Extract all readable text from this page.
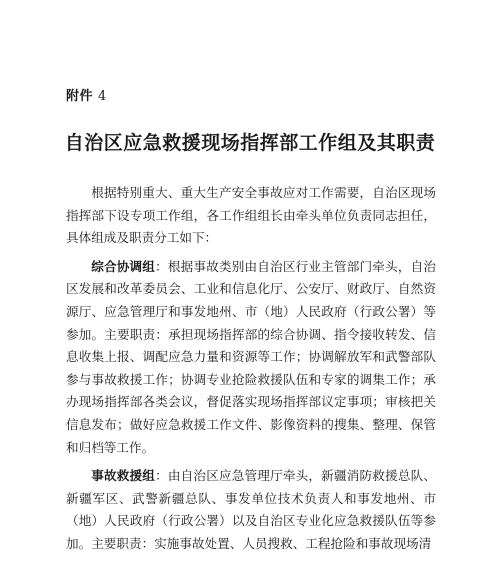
附件 4
自治区应急救援现场指挥部工作组及其职责

根据特别重大、重大生产安全事故应对工作需要，自治区现场指挥部下设专项工作组，各工作组组长由牵头单位负责同志担任，具体组成及职责分工如下：

综合协调组：根据事故类别由自治区行业主管部门牵头，自治区发展和改革委员会、工业和信息化厅、公安厅、财政厅、自然资源厅、应急管理厅和事发地州、市（地）人民政府（行政公署）等参加。主要职责：承担现场指挥部的综合协调、指令接收转发、信息收集上报、调配应急力量和资源等工作；协调解放军和武警部队参与事故救援工作；协调专业抢险救援队伍和专家的调集工作；承办现场指挥部各类会议，督促落实现场指挥部议定事项；审核把关信息发布；做好应急救援工作文件、影像资料的搜集、整理、保管和归档等工作。

事故救援组：由自治区应急管理厅牵头，新疆消防救援总队、新疆军区、武警新疆总队、事发单位技术负责人和事发地州、市（地）人民政府（行政公署）以及自治区专业化应急救援队伍等参加。主要职责：实施事故处置、人员搜救、工程抢险和事故现场清
